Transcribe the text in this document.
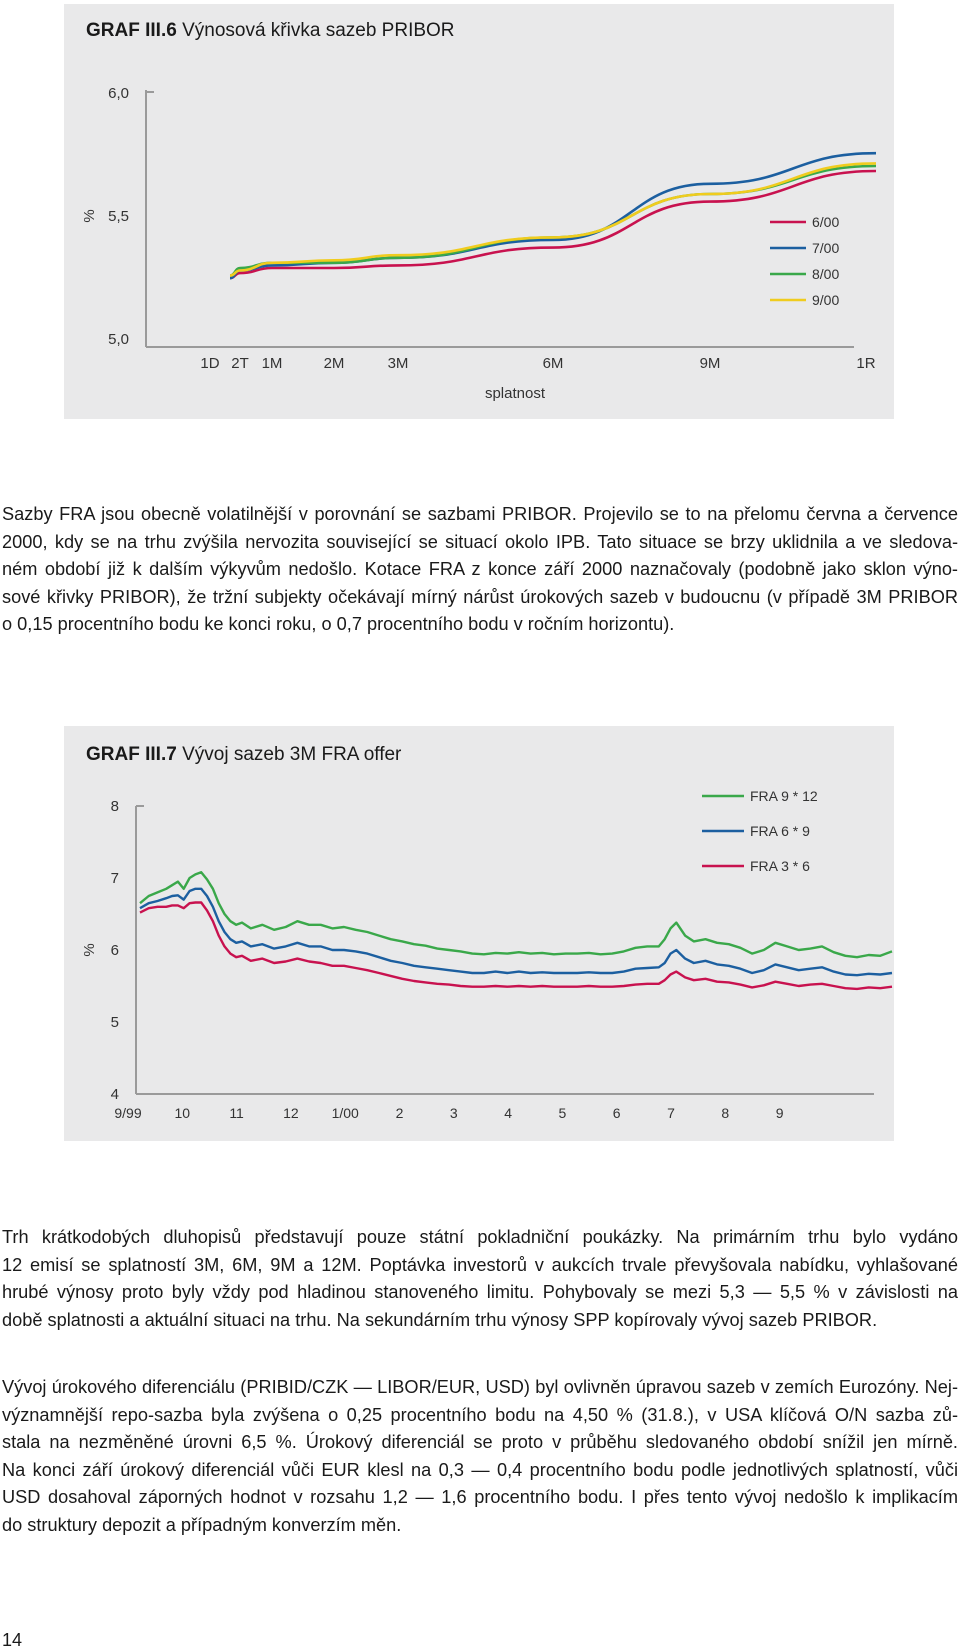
GRAF III.6 Výnosová křivka sazeb PRIBOR
6,0
5,5
5,0
%
splatnost
1D 2T 1M	2M	3M	6M	9M	1R
6/00
7/00
8/00
9/00
Sazby FRA jsou obecně volatilnější v porovnání se sazbami PRIBOR. Projevilo se to na přelomu června a července
2000, kdy se na trhu zvýšila nervozita související se situací okolo IPB. Tato situace se brzy uklidnila a ve sledova-
ném období již k dalším výkyvům nedošlo. Kotace FRA z konce září 2000 naznačovaly (podobně jako sklon výno-
sové křivky PRIBOR), že tržní subjekty očekávají mírný nárůst úrokových sazeb v budoucnu (v případě 3M PRIBOR
o 0,15 procentního bodu ke konci roku, o 0,7 procentního bodu v ročním horizontu).
GRAF III.7 Vývoj sazeb 3M FRA offer
8
7
6
5
4
%
9/99 10	11	12 1/00	2	3	4	5	6	7	8	9
FRA 9 * 12
FRA 6 * 9
FRA 3 * 6
Trh krátkodobých dluhopisů představují pouze státní pokladniční poukázky. Na primárním trhu bylo vydáno
12 emisí se splatností 3M, 6M, 9M a 12M. Poptávka investorů v aukcích trvale převyšovala nabídku, vyhlašované
hrubé výnosy proto byly vždy pod hladinou stanoveného limitu. Pohybovaly se mezi 5,3 — 5,5 % v závislosti na
době splatnosti a aktuální situaci na trhu. Na sekundárním trhu výnosy SPP kopírovaly vývoj sazeb PRIBOR.
Vývoj úrokového diferenciálu (PRIBID/CZK — LIBOR/EUR, USD) byl ovlivněn úpravou sazeb v zemích Eurozóny. Nej-
významnější repo-sazba byla zvýšena o 0,25 procentního bodu na 4,50 % (31.8.), v USA klíčová O/N sazba zů-
stala na nezměněné úrovni 6,5 %. Úrokový diferenciál se proto v průběhu sledovaného období snížil jen mírně.
Na konci září úrokový diferenciál vůči EUR klesl na 0,3 — 0,4 procentního bodu podle jednotlivých splatností, vůči
USD dosahoval záporných hodnot v rozsahu 1,2 — 1,6 procentního bodu. I přes tento vývoj nedošlo k implikacím
do struktury depozit a případným konverzím měn.
14
